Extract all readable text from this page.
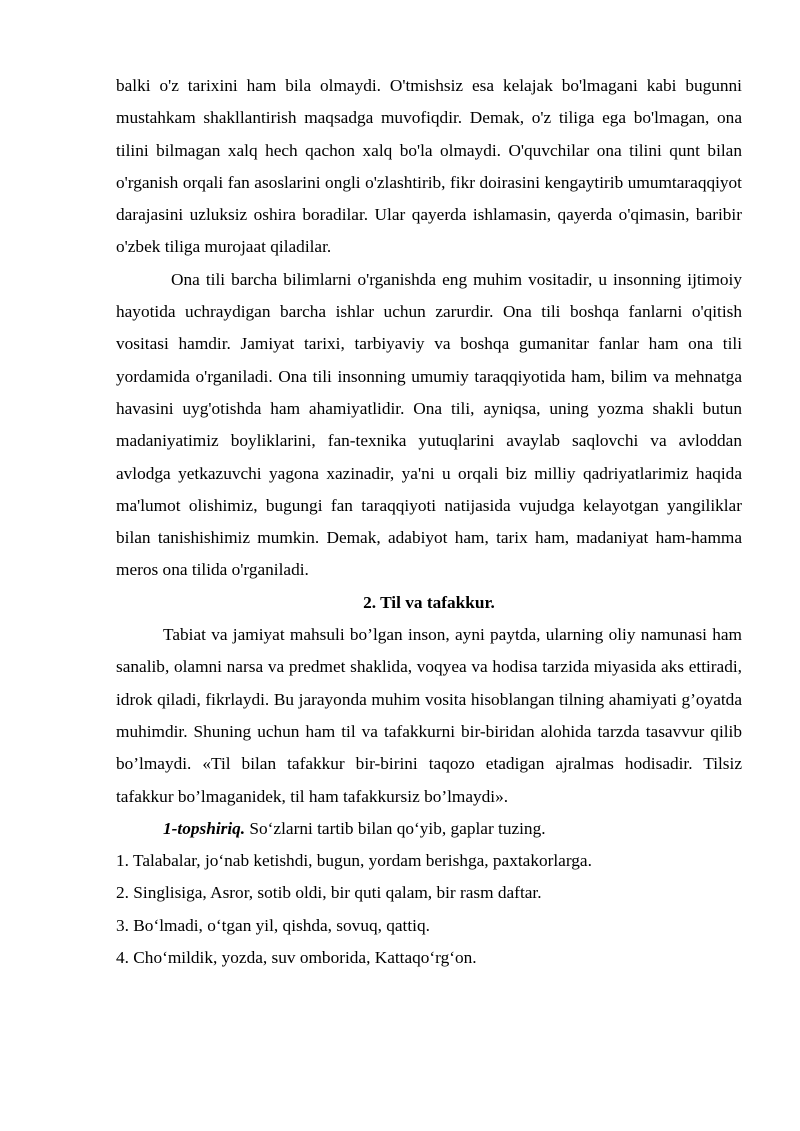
balki o'z tarixini ham bila olmaydi. O'tmishsiz esa kelajak bo'lmagani kabi bugunni mustahkam shakllantirish maqsadga muvofiqdir. Demak, o'z tiliga ega bo'lmagan, ona tilini bilmagan xalq hech qachon xalq bo'la olmaydi. O'quvchilar ona tilini qunt bilan o'rganish orqali fan asoslarini ongli o'zlashtirib, fikr doirasini kengaytirib umumtaraqqiyot darajasini uzluksiz oshira boradilar. Ular qayerda ishlamasin, qayerda o'qimasin, baribir o'zbek tiliga murojaat qiladilar.

Ona tili barcha bilimlarni o'rganishda eng muhim vositadir, u insonning ijtimoiy hayotida uchraydigan barcha ishlar uchun zarurdir. Ona tili boshqa fanlarni o'qitish vositasi hamdir. Jamiyat tarixi, tarbiyaviy va boshqa gumanitar fanlar ham ona tili yordamida o'rganiladi. Ona tili insonning umumiy taraqqiyotida ham, bilim va mehnatga havasini uyg'otishda ham ahamiyatlidir. Ona tili, ayniqsa, uning yozma shakli butun madaniyatimiz boyliklarini, fan-texnika yutuqlarini avaylab saqlovchi va avloddan avlodga yetkazuvchi yagona xazinadir, ya'ni u orqali biz milliy qadriyatlarimiz haqida ma'lumot olishimiz, bugungi fan taraqqiyoti natijasida vujudga kelayotgan yangiliklar bilan tanishishimiz mumkin. Demak, adabiyot ham, tarix ham, madaniyat ham-hamma meros ona tilida o'rganiladi.

2. Til va tafakkur.

Tabiat va jamiyat mahsuli bo’lgan inson, ayni paytda, ularning oliy namunasi ham sanalib, olamni narsa va predmet shaklida, voqyea va hodisa tarzida miyasida aks ettiradi, idrok qiladi, fikrlaydi. Bu jarayonda muhim vosita hisoblangan tilning ahamiyati g’oyatda muhimdir. Shuning uchun ham til va tafakkurni bir-biridan alohida tarzda tasavvur qilib bo’lmaydi. «Til bilan tafakkur bir-birini taqozo etadigan ajralmas hodisadir. Tilsiz tafakkur bo’lmaganidek, til ham tafakkursiz bo’lmaydi».

1-topshiriq. So‘zlarni tartib bilan qo‘yib, gaplar tuzing.

1. Talabalar, jo‘nab ketishdi, bugun, yordam berishga, paxtakorlarga.

2. Singlisiga, Asror, sotib oldi, bir quti qalam, bir rasm daftar.

3. Bo‘lmadi, o‘tgan yil, qishda, sovuq, qattiq.

4. Cho‘mildik, yozda, suv omborida, Kattaqo‘rg‘on.
